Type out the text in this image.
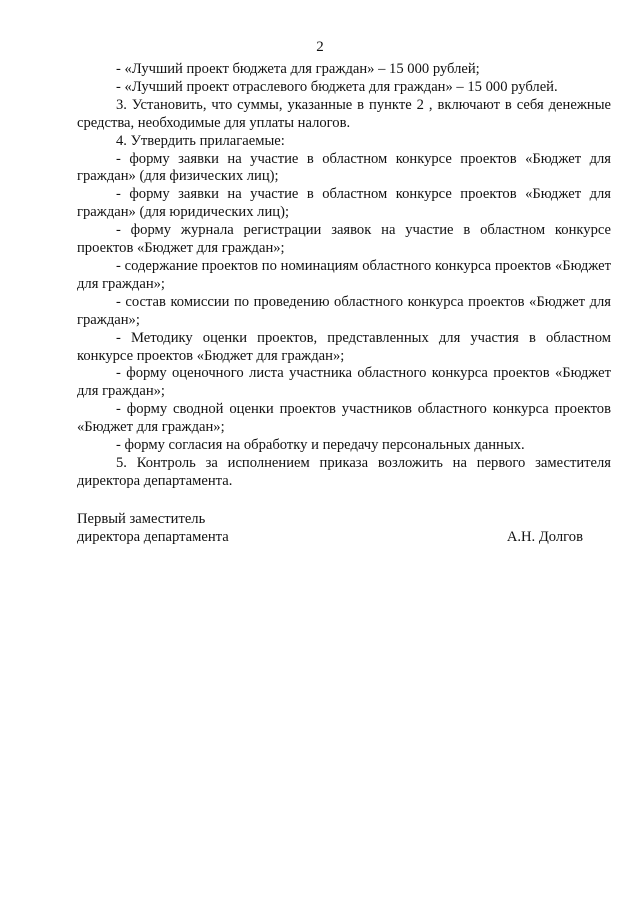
2

- «Лучший проект бюджета для граждан» – 15 000 рублей;

- «Лучший проект отраслевого бюджета для граждан» – 15 000 рублей.

3. Установить, что суммы, указанные в пункте 2 , включают в себя денежные средства, необходимые для уплаты налогов.

4. Утвердить прилагаемые:

- форму заявки на участие в областном конкурсе проектов «Бюджет для граждан» (для физических лиц);

- форму заявки на участие в областном конкурсе проектов «Бюджет для граждан» (для юридических лиц);

- форму журнала регистрации заявок на участие в областном конкурсе проектов «Бюджет для граждан»;

- содержание проектов по номинациям областного конкурса проектов «Бюджет для граждан»;

- состав комиссии по проведению областного конкурса проектов «Бюджет для граждан»;

- Методику оценки проектов, представленных для участия в областном конкурсе проектов «Бюджет для граждан»;

- форму оценочного листа участника областного конкурса проектов «Бюджет для граждан»;

- форму сводной оценки проектов участников областного конкурса проектов «Бюджет для граждан»;

- форму согласия на обработку и передачу персональных данных.

5. Контроль за исполнением приказа возложить на первого заместителя директора департамента.

Первый заместитель
директора департамента	А.Н. Долгов
